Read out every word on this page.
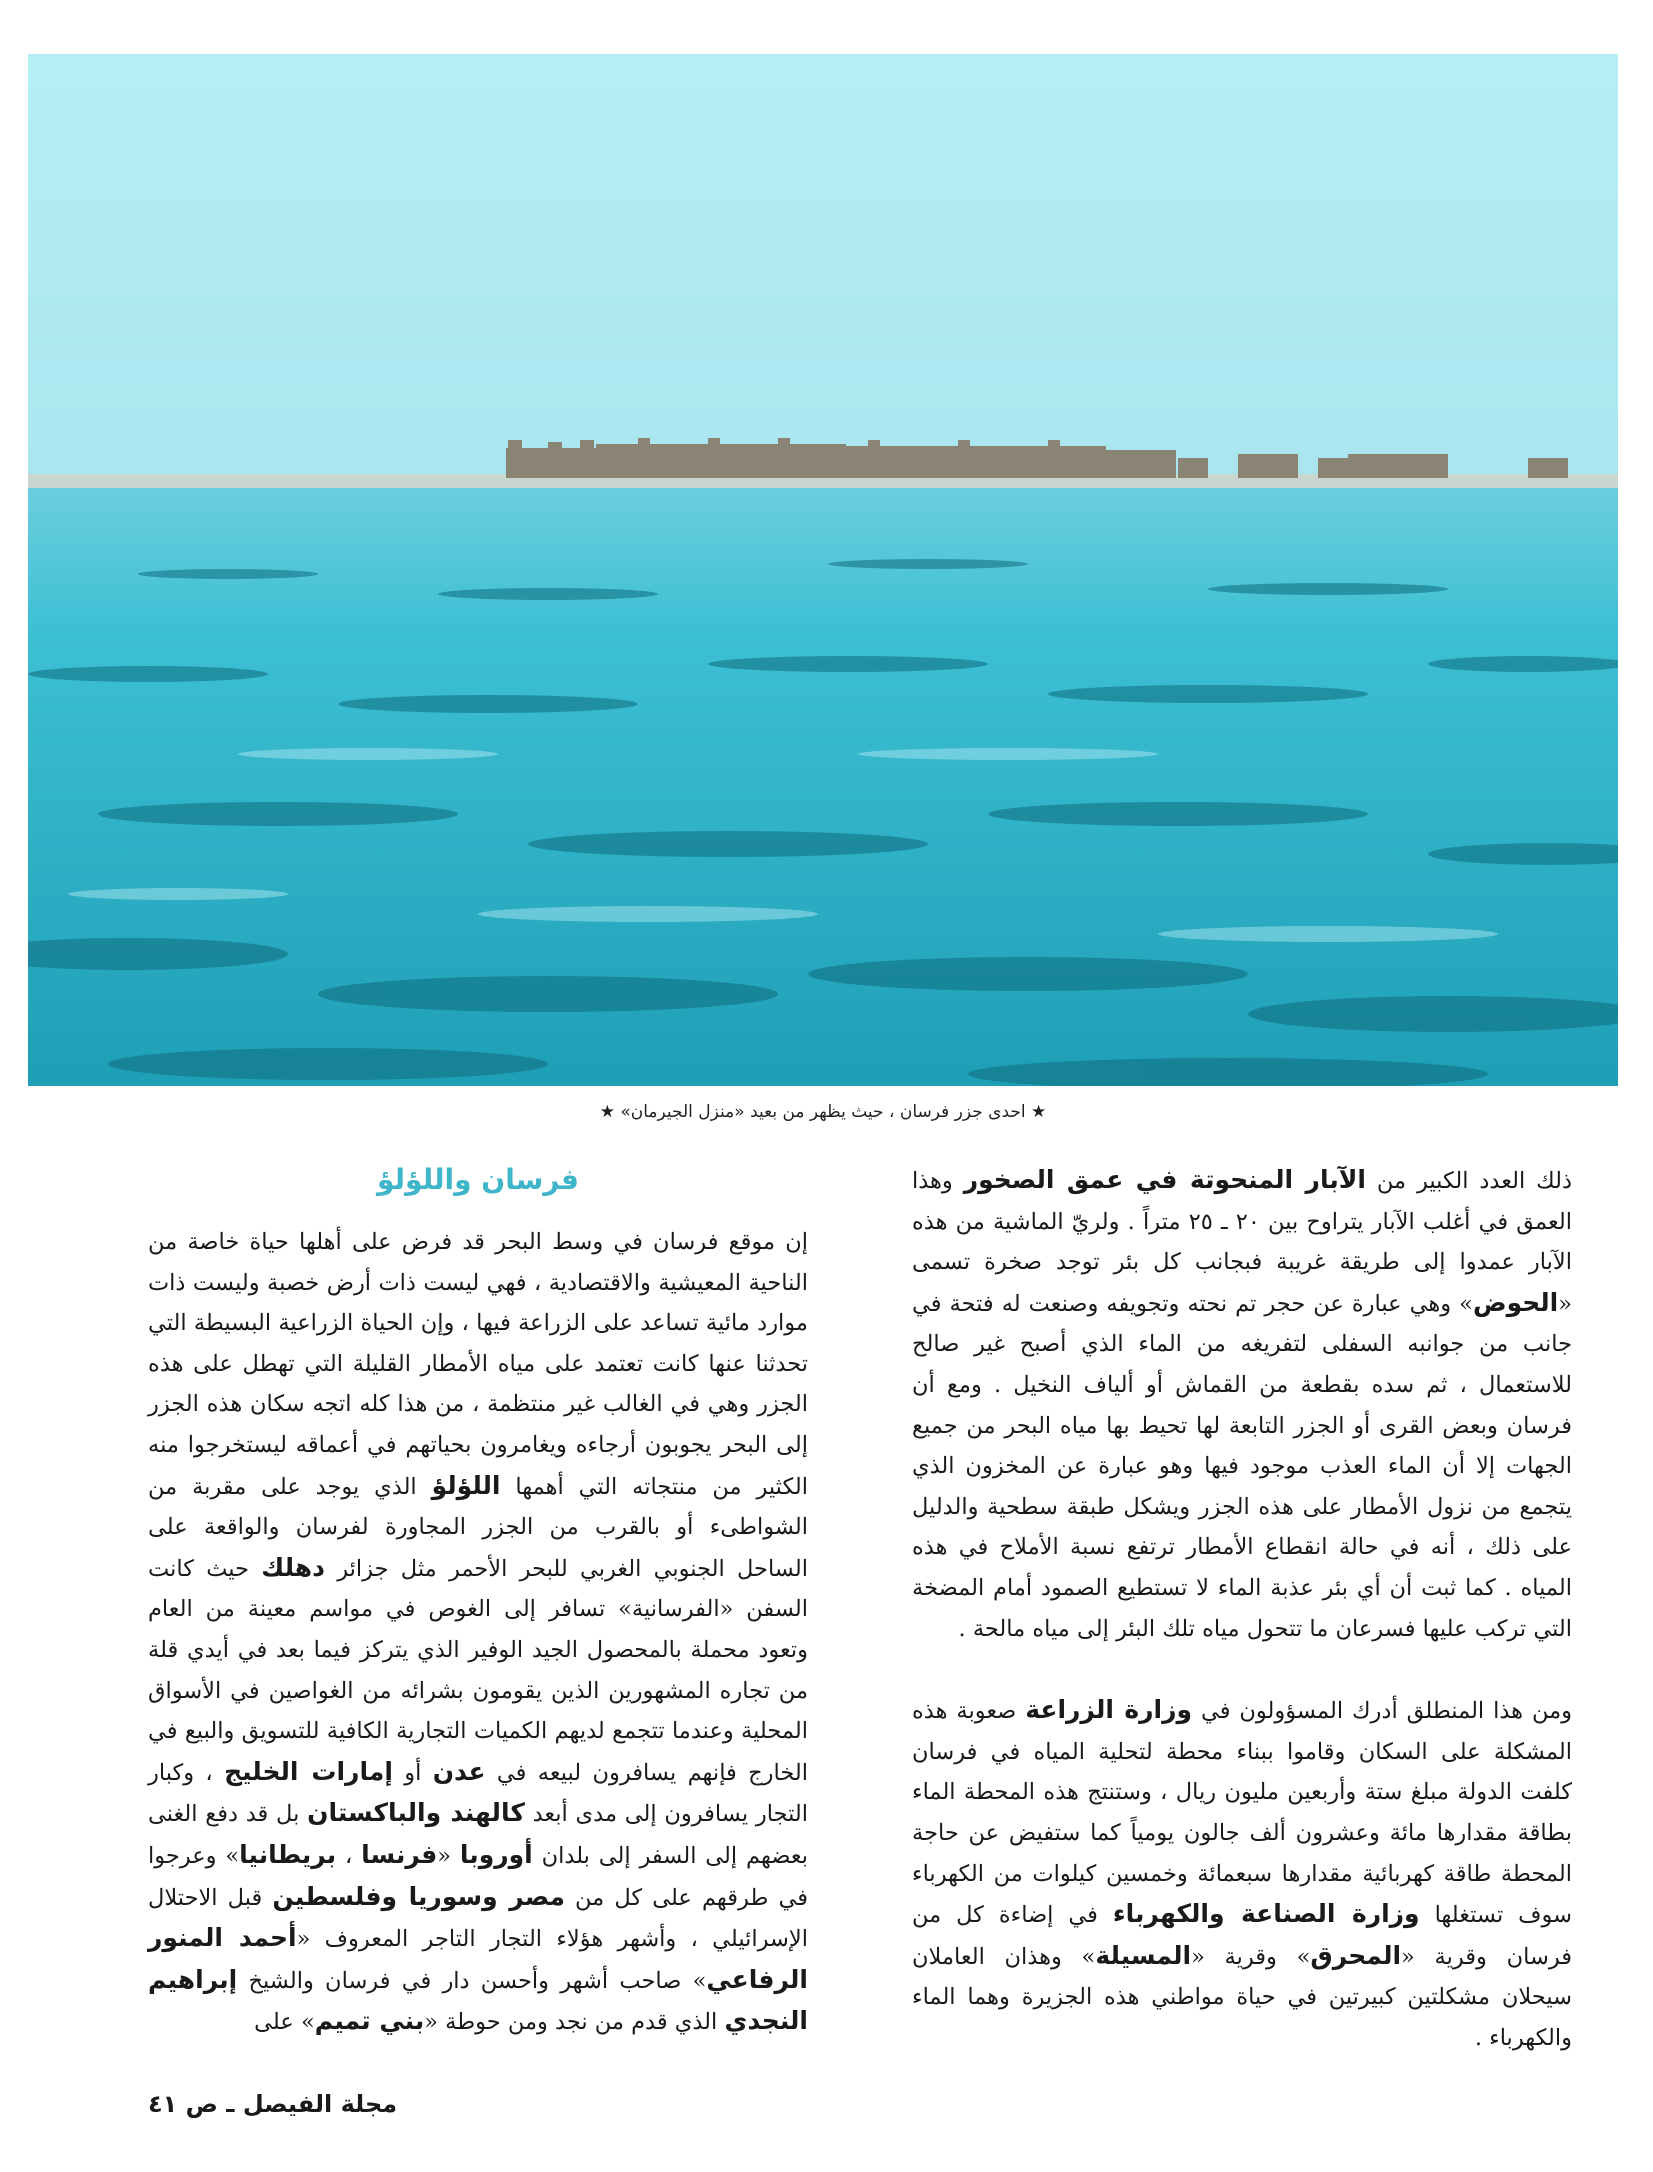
★ احدى جزر فرسان ، حيث يظهر من بعيد «منزل الجيرمان» ★

ذلك العدد الكبير من الآبار المنحوتة في عمق الصخور وهذا العمق في أغلب الآبار يتراوح بين ٢٠ ـ ٢٥ متراً . ولريّ الماشية من هذه الآبار عمدوا إلى طريقة غريبة فبجانب كل بئر توجد صخرة تسمى «الحوض» وهي عبارة عن حجر تم نحته وتجويفه وصنعت له فتحة في جانب من جوانبه السفلى لتفريغه من الماء الذي أصبح غير صالح للاستعمال ، ثم سده بقطعة من القماش أو ألياف النخيل . ومع أن فرسان وبعض القرى أو الجزر التابعة لها تحيط بها مياه البحر من جميع الجهات إلا أن الماء العذب موجود فيها وهو عبارة عن المخزون الذي يتجمع من نزول الأمطار على هذه الجزر ويشكل طبقة سطحية والدليل على ذلك ، أنه في حالة انقطاع الأمطار ترتفع نسبة الأملاح في هذه المياه . كما ثبت أن أي بئر عذبة الماء لا تستطيع الصمود أمام المضخة التي تركب عليها فسرعان ما تتحول مياه تلك البئر إلى مياه مالحة .

ومن هذا المنطلق أدرك المسؤولون في وزارة الزراعة صعوبة هذه المشكلة على السكان وقاموا ببناء محطة لتحلية المياه في فرسان كلفت الدولة مبلغ ستة وأربعين مليون ريال ، وستنتج هذه المحطة الماء بطاقة مقدارها مائة وعشرون ألف جالون يومياً كما ستفيض عن حاجة المحطة طاقة كهربائية مقدارها سبعمائة وخمسين كيلوات من الكهرباء سوف تستغلها وزارة الصناعة والكهرباء في إضاءة كل من فرسان وقرية «المحرق» وقرية «المسيلة» وهذان العاملان سيحلان مشكلتين كبيرتين في حياة مواطني هذه الجزيرة وهما الماء والكهرباء .

فرسان واللؤلؤ

إن موقع فرسان في وسط البحر قد فرض على أهلها حياة خاصة من الناحية المعيشية والاقتصادية ، فهي ليست ذات أرض خصبة وليست ذات موارد مائية تساعد على الزراعة فيها ، وإن الحياة الزراعية البسيطة التي تحدثنا عنها كانت تعتمد على مياه الأمطار القليلة التي تهطل على هذه الجزر وهي في الغالب غير منتظمة ، من هذا كله اتجه سكان هذه الجزر إلى البحر يجوبون أرجاءه ويغامرون بحياتهم في أعماقه ليستخرجوا منه الكثير من منتجاته التي أهمها اللؤلؤ الذي يوجد على مقربة من الشواطىء أو بالقرب من الجزر المجاورة لفرسان والواقعة على الساحل الجنوبي الغربي للبحر الأحمر مثل جزائر دهلك حيث كانت السفن «الفرسانية» تسافر إلى الغوص في مواسم معينة من العام وتعود محملة بالمحصول الجيد الوفير الذي يتركز فيما بعد في أيدي قلة من تجاره المشهورين الذين يقومون بشرائه من الغواصين في الأسواق المحلية وعندما تتجمع لديهم الكميات التجارية الكافية للتسويق والبيع في الخارج فإنهم يسافرون لبيعه في عدن أو إمارات الخليج ، وكبار التجار يسافرون إلى مدى أبعد كالهند والباكستان بل قد دفع الغنى بعضهم إلى السفر إلى بلدان أوروبا «فرنسا ، بريطانيا» وعرجوا في طرقهم على كل من مصر وسوريا وفلسطين قبل الاحتلال الإسرائيلي ، وأشهر هؤلاء التجار التاجر المعروف «أحمد المنور الرفاعي» صاحب أشهر وأحسن دار في فرسان والشيخ إبراهيم النجدي الذي قدم من نجد ومن حوطة «بني تميم» على

مجلة الفيصل ـ ص ٤١
